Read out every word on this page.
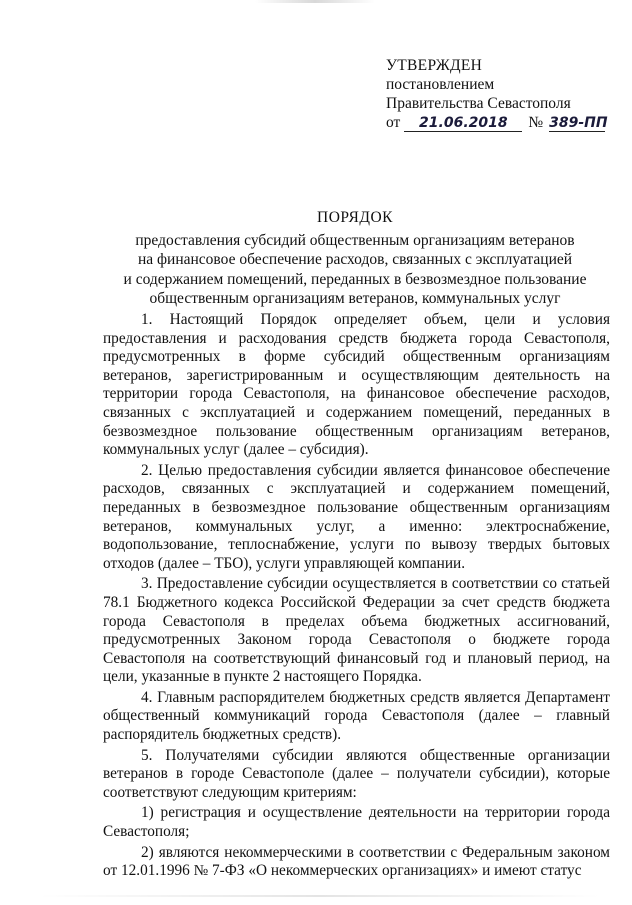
УТВЕРЖДЕН
постановлением
Правительства Севастополя
от 21.06.2018 № 389-ПП
ПОРЯДОК
предоставления субсидий общественным организациям ветеранов
на финансовое обеспечение расходов, связанных с эксплуатацией
и содержанием помещений, переданных в безвозмездное пользование
общественным организациям ветеранов, коммунальных услуг

1. Настоящий Порядок определяет объем, цели и условия предоставления и расходования средств бюджета города Севастополя, предусмотренных в форме субсидий общественным организациям ветеранов, зарегистрированным и осуществляющим деятельность на территории города Севастополя, на финансовое обеспечение расходов, связанных с эксплуатацией и содержанием помещений, переданных в безвозмездное пользование общественным организациям ветеранов, коммунальных услуг (далее – субсидия).

2. Целью предоставления субсидии является финансовое обеспечение расходов, связанных с эксплуатацией и содержанием помещений, переданных в безвозмездное пользование общественным организациям ветеранов, коммунальных услуг, а именно: электроснабжение, водопользование, теплоснабжение, услуги по вывозу твердых бытовых отходов (далее – ТБО), услуги управляющей компании.

3. Предоставление субсидии осуществляется в соответствии со статьей 78.1 Бюджетного кодекса Российской Федерации за счет средств бюджета города Севастополя в пределах объема бюджетных ассигнований, предусмотренных Законом города Севастополя о бюджете города Севастополя на соответствующий финансовый год и плановый период, на цели, указанные в пункте 2 настоящего Порядка.

4. Главным распорядителем бюджетных средств является Департамент общественный коммуникаций города Севастополя (далее – главный распорядитель бюджетных средств).

5. Получателями субсидии являются общественные организации ветеранов в городе Севастополе (далее – получатели субсидии), которые соответствуют следующим критериям:

1) регистрация и осуществление деятельности на территории города Севастополя;

2) являются некоммерческими в соответствии с Федеральным законом от 12.01.1996 № 7-ФЗ «О некоммерческих организациях» и имеют статус
